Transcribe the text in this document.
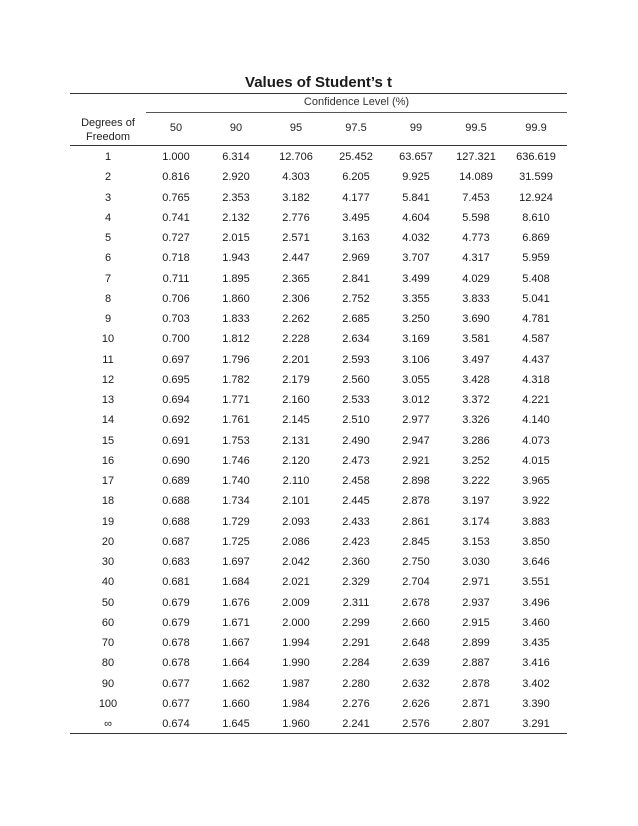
Values of Student’s t
Confidence Level (%)
Degrees of Freedom
50	90	95	97.5	99	99.5	99.9
1	1.000	6.314	12.706	25.452	63.657	127.321	636.619
2	0.816	2.920	4.303	6.205	9.925	14.089	31.599
3	0.765	2.353	3.182	4.177	5.841	7.453	12.924
4	0.741	2.132	2.776	3.495	4.604	5.598	8.610
5	0.727	2.015	2.571	3.163	4.032	4.773	6.869
6	0.718	1.943	2.447	2.969	3.707	4.317	5.959
7	0.711	1.895	2.365	2.841	3.499	4.029	5.408
8	0.706	1.860	2.306	2.752	3.355	3.833	5.041
9	0.703	1.833	2.262	2.685	3.250	3.690	4.781
10	0.700	1.812	2.228	2.634	3.169	3.581	4.587
11	0.697	1.796	2.201	2.593	3.106	3.497	4.437
12	0.695	1.782	2.179	2.560	3.055	3.428	4.318
13	0.694	1.771	2.160	2.533	3.012	3.372	4.221
14	0.692	1.761	2.145	2.510	2.977	3.326	4.140
15	0.691	1.753	2.131	2.490	2.947	3.286	4.073
16	0.690	1.746	2.120	2.473	2.921	3.252	4.015
17	0.689	1.740	2.110	2.458	2.898	3.222	3.965
18	0.688	1.734	2.101	2.445	2.878	3.197	3.922
19	0.688	1.729	2.093	2.433	2.861	3.174	3.883
20	0.687	1.725	2.086	2.423	2.845	3.153	3.850
30	0.683	1.697	2.042	2.360	2.750	3.030	3.646
40	0.681	1.684	2.021	2.329	2.704	2.971	3.551
50	0.679	1.676	2.009	2.311	2.678	2.937	3.496
60	0.679	1.671	2.000	2.299	2.660	2.915	3.460
70	0.678	1.667	1.994	2.291	2.648	2.899	3.435
80	0.678	1.664	1.990	2.284	2.639	2.887	3.416
90	0.677	1.662	1.987	2.280	2.632	2.878	3.402
100	0.677	1.660	1.984	2.276	2.626	2.871	3.390
∞	0.674	1.645	1.960	2.241	2.576	2.807	3.291
